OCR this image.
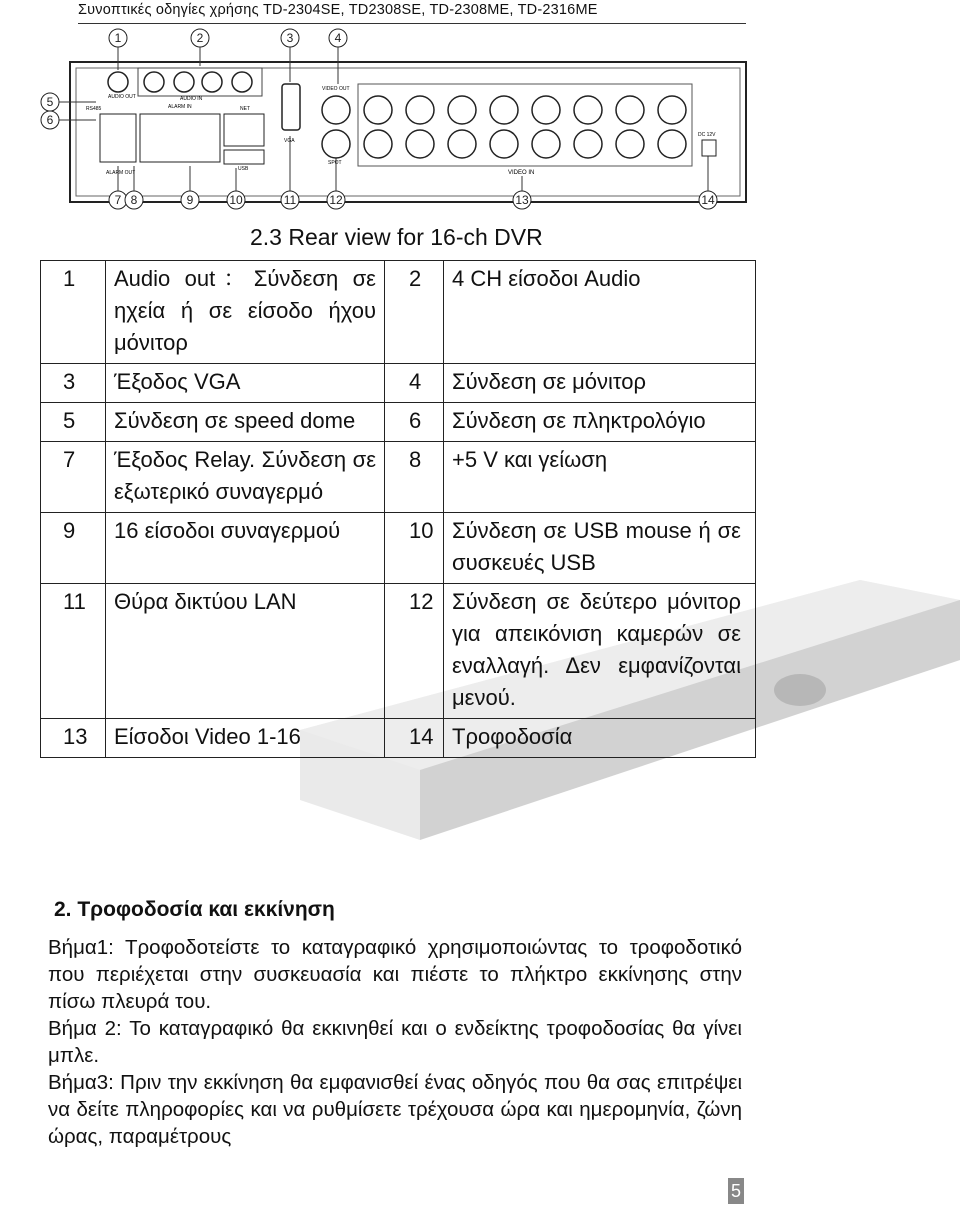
Συνοπτικές οδηγίες χρήσης TD-2304SE, TD2308SE, TD-2308ME, TD-2316ME
1	2	3	4
5
6
7 8	9	10	11	12	13	14
AUDIO OUT	AUDIO IN
RS485	ALARM IN
ALARM OUT
NET
USB
VGA
VIDEO OUT
SPOT
VIDEO IN
DC 12V
2.3 Rear view for 16-ch DVR
1	Audio out：Σύνδεση σε ηχεία ή σε είσοδο ήχου μόνιτορ	2	4 CH είσοδοι Audio
3	Έξοδος VGA	4	Σύνδεση σε μόνιτορ
5	Σύνδεση σε speed dome	6	Σύνδεση σε πληκτρολόγιο
7	Έξοδος Relay. Σύνδεση σε εξωτερικό συναγερμό	8	+5 V και γείωση
9	16 είσοδοι συναγερμού	10	Σύνδεση σε USB mouse ή σε συσκευές USB
11	Θύρα δικτύου LAN	12	Σύνδεση σε δεύτερο μόνιτορ για απεικόνιση καμερών σε εναλλαγή. Δεν εμφανίζονται μενού.
13	Είσοδοι Video 1-16	14	Τροφοδοσία
2. Τροφοδοσία και εκκίνηση

Βήμα1: Τροφοδοτείστε το καταγραφικό χρησιμοποιώντας το τροφοδοτικό που περιέχεται στην συσκευασία και πιέστε το πλήκτρο εκκίνησης στην πίσω πλευρά του.

Βήμα 2: Το καταγραφικό θα εκκινηθεί και ο ενδείκτης τροφοδοσίας θα γίνει μπλε.

Βήμα3: Πριν την εκκίνηση θα εμφανισθεί ένας οδηγός που θα σας επιτρέψει να δείτε πληροφορίες και να ρυθμίσετε τρέχουσα ώρα και ημερομηνία, ζώνη ώρας, παραμέτρους

5
